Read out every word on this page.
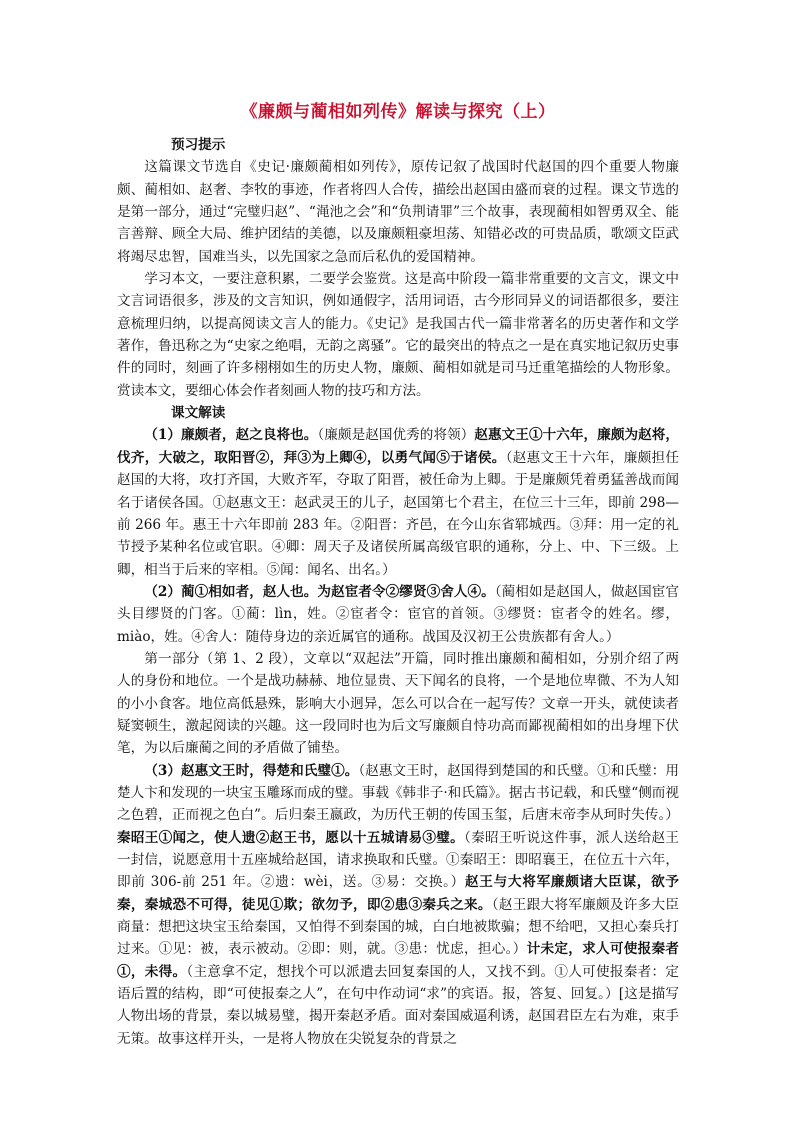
《廉颇与蔺相如列传》解读与探究（上）
预习提示

这篇课文节选自《史记·廉颇蔺相如列传》，原传记叙了战国时代赵国的四个重要人物廉颇、蔺相如、赵奢、李牧的事迹，作者将四人合传，描绘出赵国由盛而衰的过程。课文节选的是第一部分，通过“完璧归赵”、“渑池之会”和“负荆请罪”三个故事，表现蔺相如智勇双全、能言善辩、顾全大局、维护团结的美德，以及廉颇粗豪坦荡、知错必改的可贵品质，歌颂文臣武将竭尽忠智，国难当头，以先国家之急而后私仇的爱国精神。

学习本文，一要注意积累，二要学会鉴赏。这是高中阶段一篇非常重要的文言文，课文中文言词语很多，涉及的文言知识，例如通假字，活用词语，古今形同异义的词语都很多，要注意梳理归纳，以提高阅读文言人的能力。《史记》是我国古代一篇非常著名的历史著作和文学著作，鲁迅称之为“史家之绝唱，无韵之离骚”。它的最突出的特点之一是在真实地记叙历史事件的同时，刻画了许多栩栩如生的历史人物，廉颇、蔺相如就是司马迁重笔描绘的人物形象。赏读本文，要细心体会作者刻画人物的技巧和方法。

课文解读

（1）廉颇者，赵之良将也。（廉颇是赵国优秀的将领）赵惠文王①十六年，廉颇为赵将，伐齐，大破之，取阳晋②，拜③为上卿④，以勇气闻⑤于诸侯。（赵惠文王十六年，廉颇担任赵国的大将，攻打齐国，大败齐军，夺取了阳晋，被任命为上卿。于是廉颇凭着勇猛善战而闻名于诸侯各国。①赵惠文王：赵武灵王的儿子，赵国第七个君主，在位三十三年，即前 298—前 266 年。惠王十六年即前 283 年。②阳晋：齐邑，在今山东省郓城西。③拜：用一定的礼节授予某种名位或官职。④卿：周天子及诸侯所属高级官职的通称，分上、中、下三级。上卿，相当于后来的宰相。⑤闻：闻名、出名。）

（2）蔺①相如者，赵人也。为赵宦者令②缪贤③舍人④。（蔺相如是赵国人，做赵国宦官头目缪贤的门客。①蔺：lìn，姓。②宦者令：宦官的首领。③缪贤：宦者令的姓名。缪，miào，姓。④舍人：随侍身边的亲近属官的通称。战国及汉初王公贵族都有舍人。）

第一部分（第 1、2 段），文章以“双起法”开篇，同时推出廉颇和蔺相如，分别介绍了两人的身份和地位。一个是战功赫赫、地位显贵、天下闻名的良将，一个是地位卑微、不为人知的小小食客。地位高低悬殊，影响大小迥异，怎么可以合在一起写传？文章一开头，就使读者疑窦顿生，激起阅读的兴趣。这一段同时也为后文写廉颇自恃功高而鄙视蔺相如的出身埋下伏笔，为以后廉蔺之间的矛盾做了铺垫。

（3）赵惠文王时，得楚和氏璧①。（赵惠文王时，赵国得到楚国的和氏璧。①和氏璧：用楚人卞和发现的一块宝玉雕琢而成的璧。事载《韩非子·和氏篇》。据古书记载，和氏璧“侧而视之色碧，正而视之色白”。后归秦王嬴政，为历代王朝的传国玉玺，后唐末帝李从珂时失传。）秦昭王①闻之，使人遗②赵王书，愿以十五城请易③璧。（秦昭王听说这件事，派人送给赵王一封信，说愿意用十五座城给赵国，请求换取和氏璧。①秦昭王：即昭襄王，在位五十六年，即前 306-前 251 年。②遗：wèi，送。③易：交换。）赵王与大将军廉颇诸大臣谋，欲予秦，秦城恐不可得，徒见①欺；欲勿予，即②患③秦兵之来。（赵王跟大将军廉颇及许多大臣商量：想把这块宝玉给秦国，又怕得不到秦国的城，白白地被欺骗；想不给吧，又担心秦兵打过来。①见：被，表示被动。②即：则，就。③患：忧虑，担心。）计未定，求人可使报秦者①，未得。（主意拿不定，想找个可以派遣去回复秦国的人，又找不到。①人可使报秦者：定语后置的结构，即“可使报秦之人”，在句中作动词“求”的宾语。报，答复、回复。）[这是描写人物出场的背景，秦以城易璧，揭开秦赵矛盾。面对秦国威逼利诱，赵国君臣左右为难，束手无策。故事这样开头，一是将人物放在尖锐复杂的背景之
